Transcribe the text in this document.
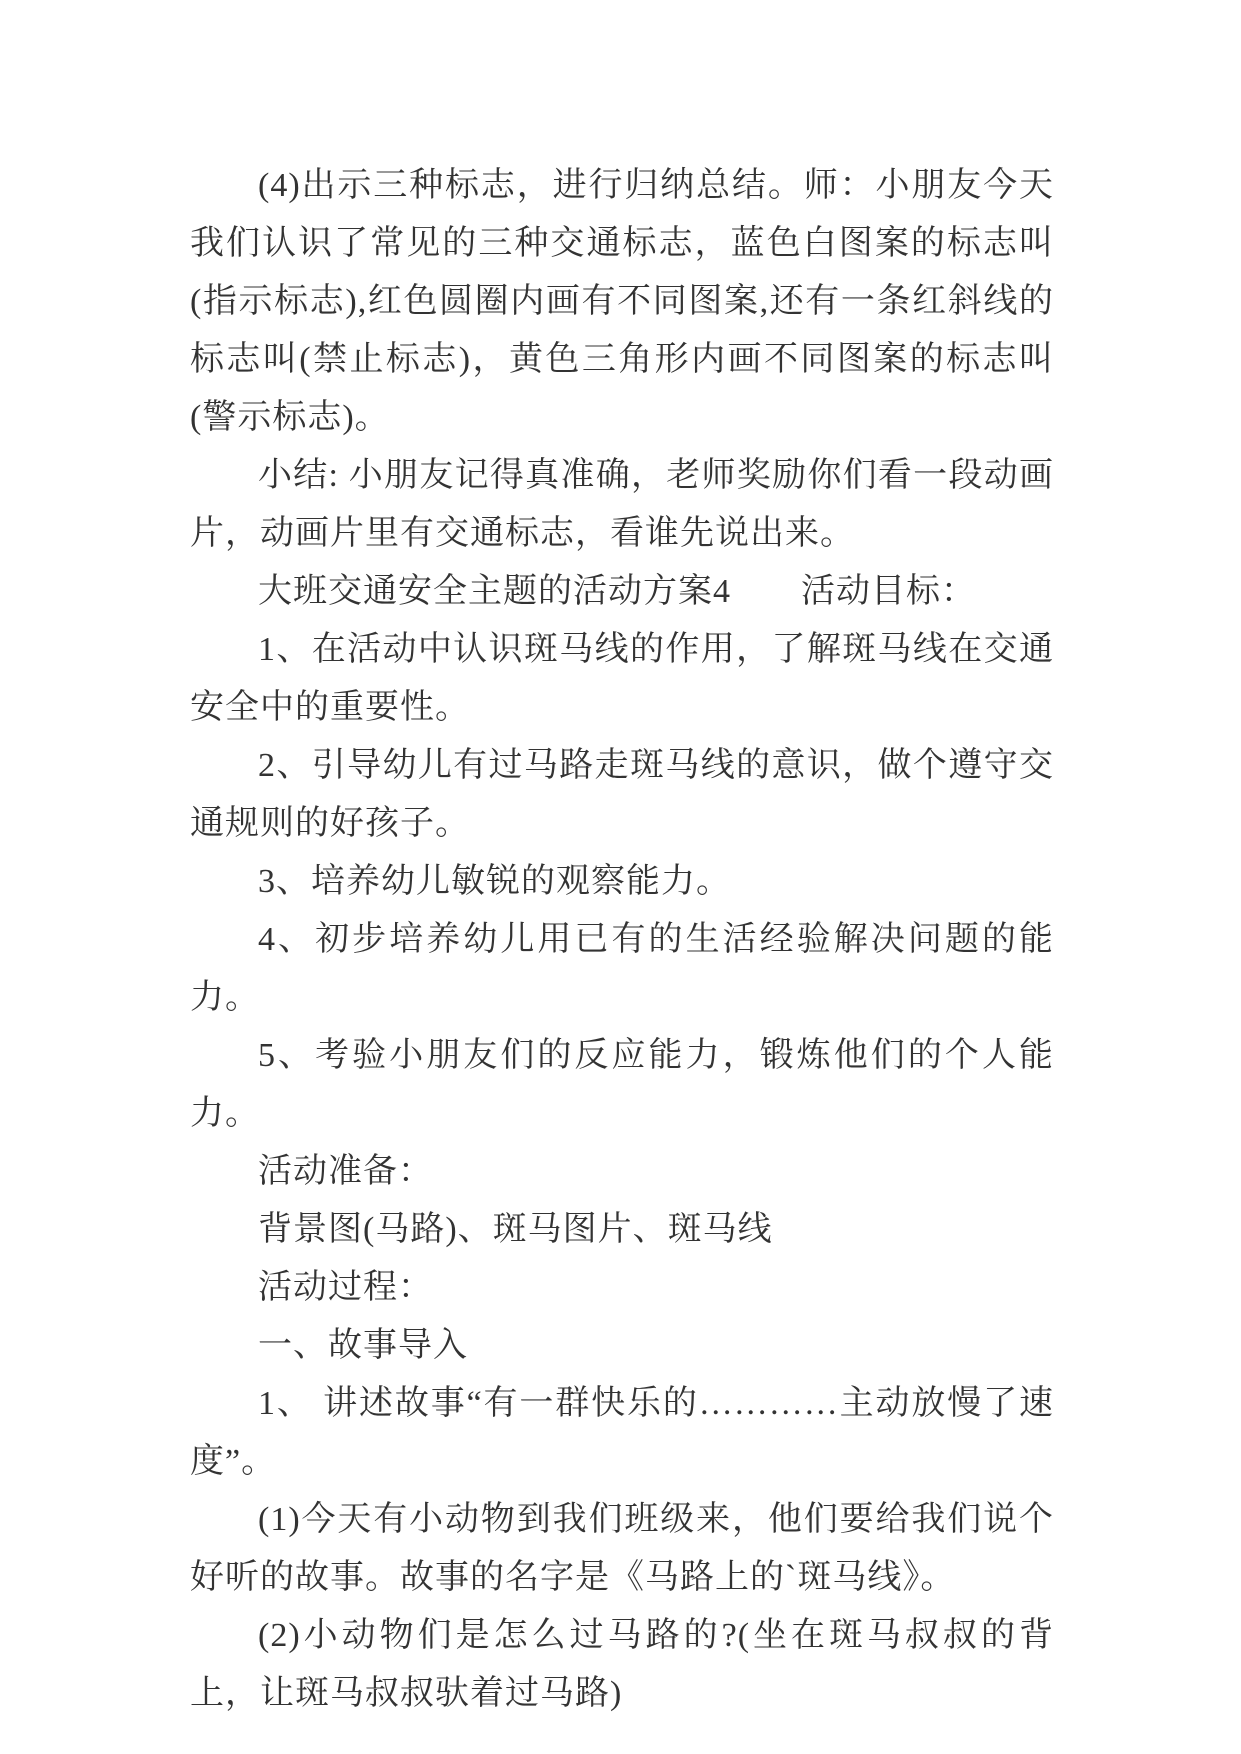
(4)出示三种标志，进行归纳总结。师：小朋友今天我们认识了常见的三种交通标志，蓝色白图案的标志叫(指示标志),红色圆圈内画有不同图案,还有一条红斜线的标志叫(禁止标志)，黄色三角形内画不同图案的标志叫(警示标志)。

小结: 小朋友记得真准确，老师奖励你们看一段动画片，动画片里有交通标志，看谁先说出来。

大班交通安全主题的活动方案4　　活动目标：

1、在活动中认识斑马线的作用，了解斑马线在交通安全中的重要性。

2、引导幼儿有过马路走斑马线的意识，做个遵守交通规则的好孩子。

3、培养幼儿敏锐的观察能力。

4、初步培养幼儿用已有的生活经验解决问题的能力。

5、考验小朋友们的反应能力，锻炼他们的个人能力。

活动准备：

背景图(马路)、斑马图片、斑马线

活动过程：

一、故事导入

1、 讲述故事“有一群快乐的…………主动放慢了速度”。

(1)今天有小动物到我们班级来，他们要给我们说个好听的故事。故事的名字是《马路上的`斑马线》。

(2)小动物们是怎么过马路的?(坐在斑马叔叔的背上，让斑马叔叔驮着过马路)
